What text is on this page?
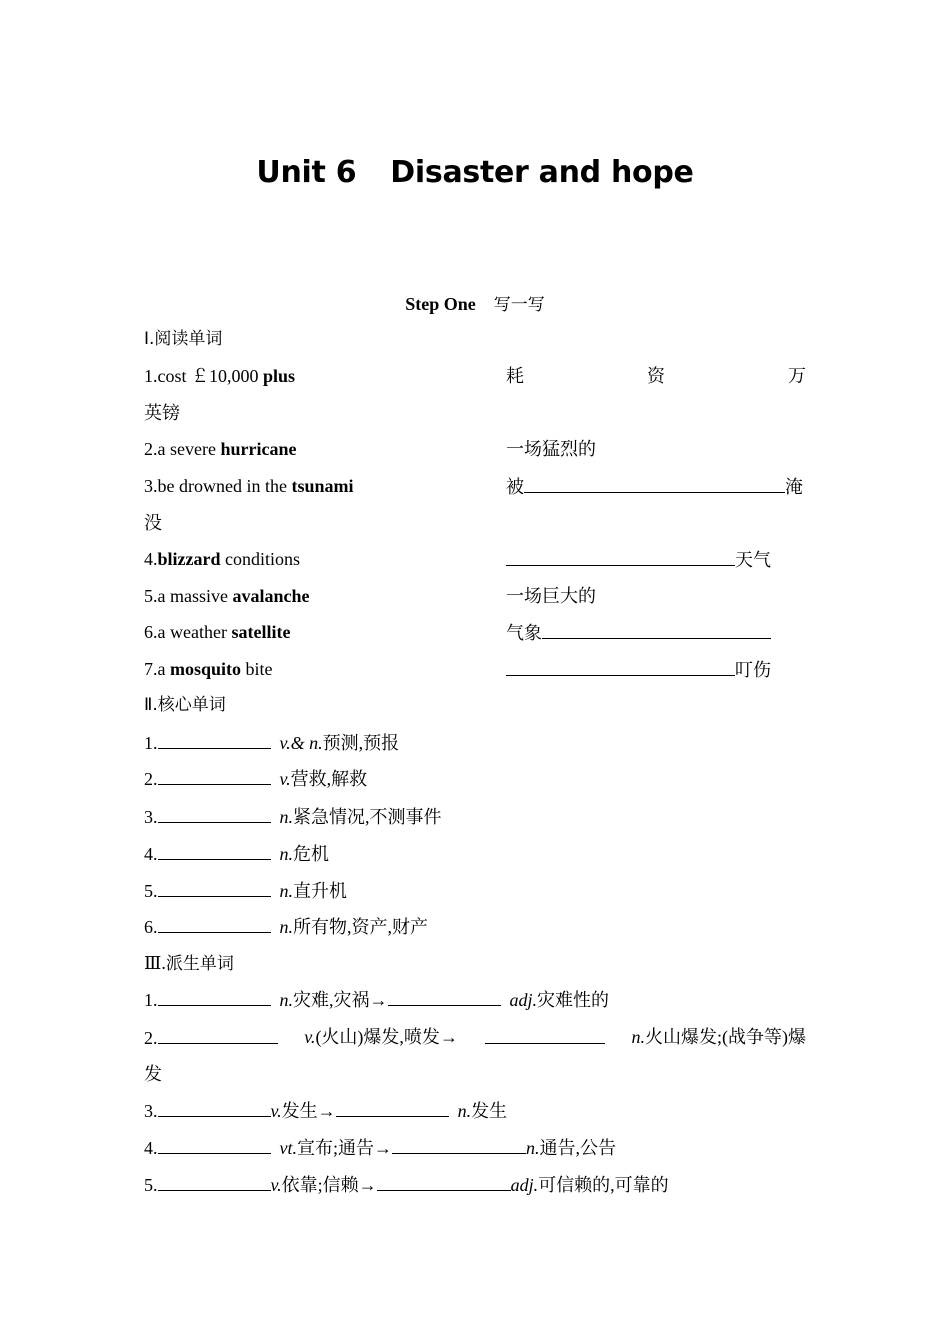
Unit 6 Disaster and hope
Step One 写一写
Ⅰ.阅读单词
1.cost ￡10,000 plus	耗	资	万
英镑
2.a severe hurricane	一场猛烈的
3.be drowned in the tsunami	被	淹
没
4.blizzard conditions	天气
5.a massive avalanche	一场巨大的
6.a weather satellite	气象
7.a mosquito bite	叮伤
Ⅱ.核心单词
1.	v.& n.预测,预报
2.	v.营救,解救
3.	n.紧急情况,不测事件
4.	n.危机
5.	n.直升机
6.	n.所有物,资产,财产
Ⅲ.派生单词
1.	n.灾难,灾祸→	adj.灾难性的
2.	v.(火山)爆发,喷发→	n.火山爆发;(战争等)爆
发
3.	v.发生→	n.发生
4.	vt.宣布;通告→	n.通告,公告
5.	v.依靠;信赖→	adj.可信赖的,可靠的
